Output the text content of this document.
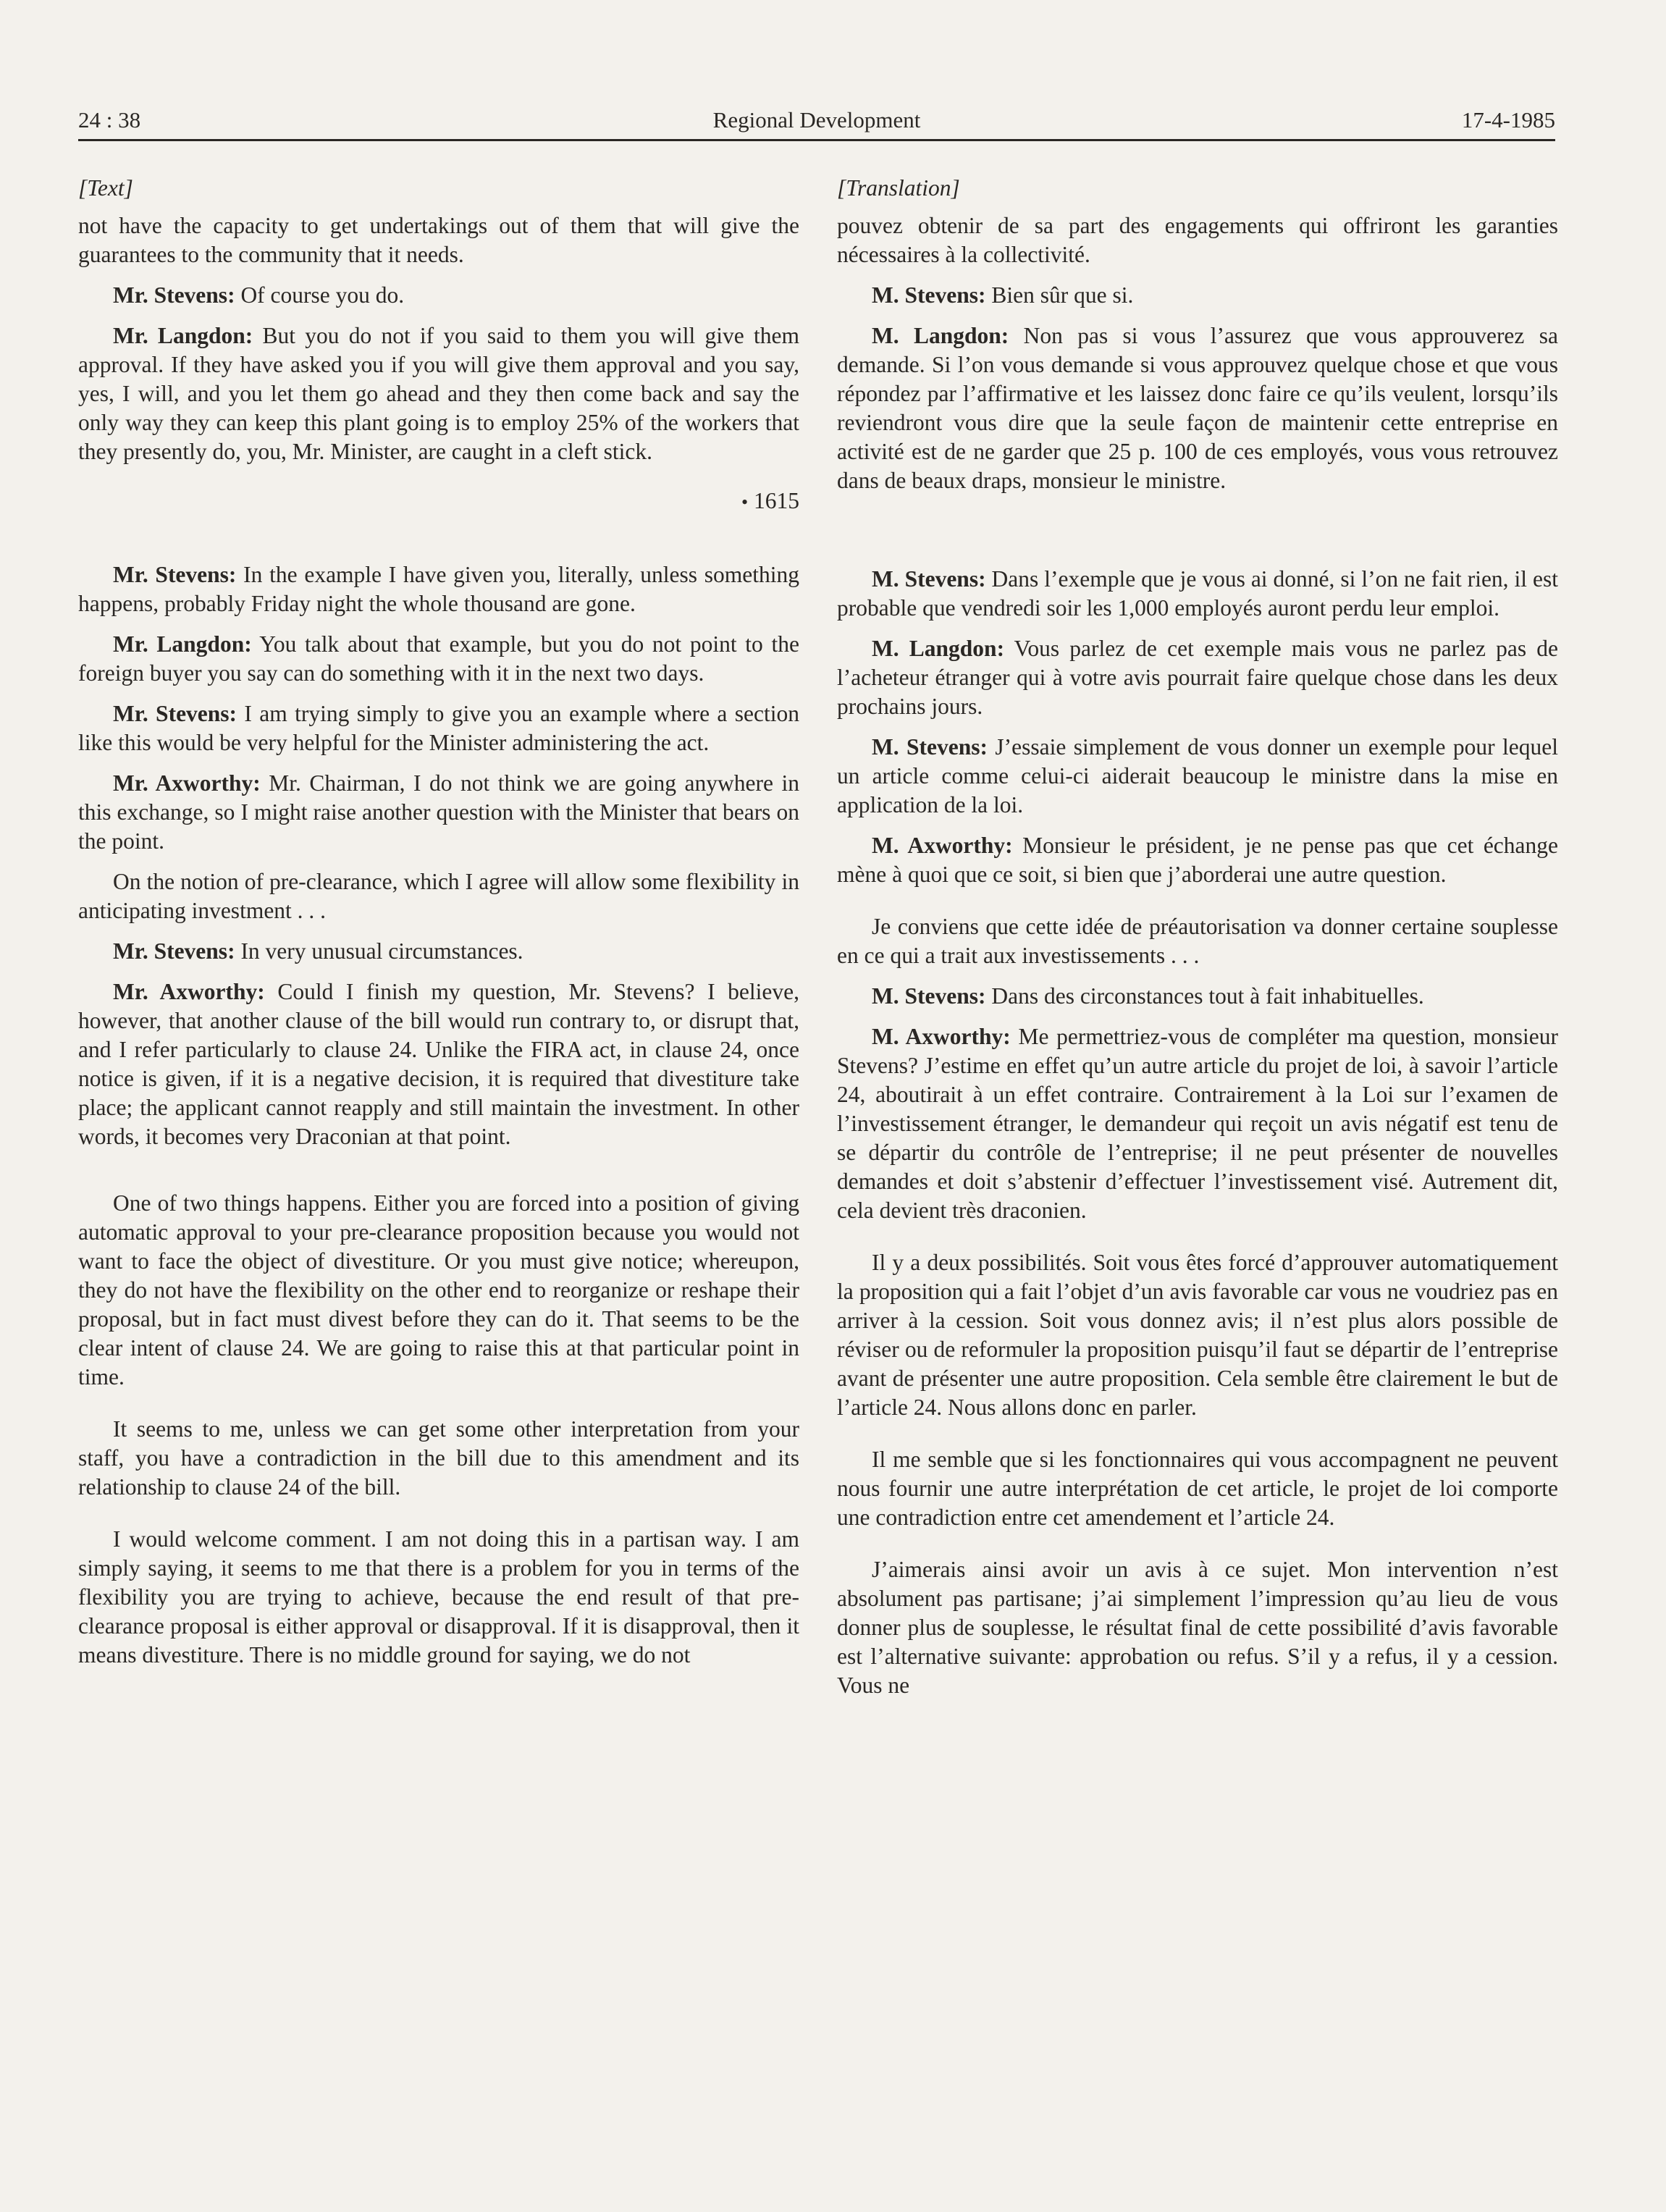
24 : 38	Regional Development	17-4-1985

[Text]

not have the capacity to get undertakings out of them that will give the guarantees to the community that it needs.

Mr. Stevens: Of course you do.

Mr. Langdon: But you do not if you said to them you will give them approval. If they have asked you if you will give them approval and you say, yes, I will, and you let them go ahead and they then come back and say the only way they can keep this plant going is to employ 25% of the workers that they presently do, you, Mr. Minister, are caught in a cleft stick.

• 1615

Mr. Stevens: In the example I have given you, literally, unless something happens, probably Friday night the whole thousand are gone.

Mr. Langdon: You talk about that example, but you do not point to the foreign buyer you say can do something with it in the next two days.

Mr. Stevens: I am trying simply to give you an example where a section like this would be very helpful for the Minister administering the act.

Mr. Axworthy: Mr. Chairman, I do not think we are going anywhere in this exchange, so I might raise another question with the Minister that bears on the point.

On the notion of pre-clearance, which I agree will allow some flexibility in anticipating investment . . .

Mr. Stevens: In very unusual circumstances.

Mr. Axworthy: Could I finish my question, Mr. Stevens? I believe, however, that another clause of the bill would run contrary to, or disrupt that, and I refer particularly to clause 24. Unlike the FIRA act, in clause 24, once notice is given, if it is a negative decision, it is required that divestiture take place; the applicant cannot reapply and still maintain the investment. In other words, it becomes very Draconian at that point.

One of two things happens. Either you are forced into a position of giving automatic approval to your pre-clearance proposition because you would not want to face the object of divestiture. Or you must give notice; whereupon, they do not have the flexibility on the other end to reorganize or reshape their proposal, but in fact must divest before they can do it. That seems to be the clear intent of clause 24. We are going to raise this at that particular point in time.

It seems to me, unless we can get some other interpretation from your staff, you have a contradiction in the bill due to this amendment and its relationship to clause 24 of the bill.

I would welcome comment. I am not doing this in a partisan way. I am simply saying, it seems to me that there is a problem for you in terms of the flexibility you are trying to achieve, because the end result of that pre-clearance proposal is either approval or disapproval. If it is disapproval, then it means divestiture. There is no middle ground for saying, we do not

[Translation]

pouvez obtenir de sa part des engagements qui offriront les garanties nécessaires à la collectivité.

M. Stevens: Bien sûr que si.

M. Langdon: Non pas si vous l’assurez que vous approuverez sa demande. Si l’on vous demande si vous approuvez quelque chose et que vous répondez par l’affirmative et les laissez donc faire ce qu’ils veulent, lorsqu’ils reviendront vous dire que la seule façon de maintenir cette entreprise en activité est de ne garder que 25 p. 100 de ces employés, vous vous retrouvez dans de beaux draps, monsieur le ministre.

M. Stevens: Dans l’exemple que je vous ai donné, si l’on ne fait rien, il est probable que vendredi soir les 1,000 employés auront perdu leur emploi.

M. Langdon: Vous parlez de cet exemple mais vous ne parlez pas de l’acheteur étranger qui à votre avis pourrait faire quelque chose dans les deux prochains jours.

M. Stevens: J’essaie simplement de vous donner un exemple pour lequel un article comme celui-ci aiderait beaucoup le ministre dans la mise en application de la loi.

M. Axworthy: Monsieur le président, je ne pense pas que cet échange mène à quoi que ce soit, si bien que j’aborderai une autre question.

Je conviens que cette idée de préautorisation va donner certaine souplesse en ce qui a trait aux investissements . . .

M. Stevens: Dans des circonstances tout à fait inhabituelles.

M. Axworthy: Me permettriez-vous de compléter ma question, monsieur Stevens? J’estime en effet qu’un autre article du projet de loi, à savoir l’article 24, aboutirait à un effet contraire. Contrairement à la Loi sur l’examen de l’investissement étranger, le demandeur qui reçoit un avis négatif est tenu de se départir du contrôle de l’entreprise; il ne peut présenter de nouvelles demandes et doit s’abstenir d’effectuer l’investissement visé. Autrement dit, cela devient très draconien.

Il y a deux possibilités. Soit vous êtes forcé d’approuver automatiquement la proposition qui a fait l’objet d’un avis favorable car vous ne voudriez pas en arriver à la cession. Soit vous donnez avis; il n’est plus alors possible de réviser ou de reformuler la proposition puisqu’il faut se départir de l’entreprise avant de présenter une autre proposition. Cela semble être clairement le but de l’article 24. Nous allons donc en parler.

Il me semble que si les fonctionnaires qui vous accompagnent ne peuvent nous fournir une autre interprétation de cet article, le projet de loi comporte une contradiction entre cet amendement et l’article 24.

J’aimerais ainsi avoir un avis à ce sujet. Mon intervention n’est absolument pas partisane; j’ai simplement l’impression qu’au lieu de vous donner plus de souplesse, le résultat final de cette possibilité d’avis favorable est l’alternative suivante: approbation ou refus. S’il y a refus, il y a cession. Vous ne
